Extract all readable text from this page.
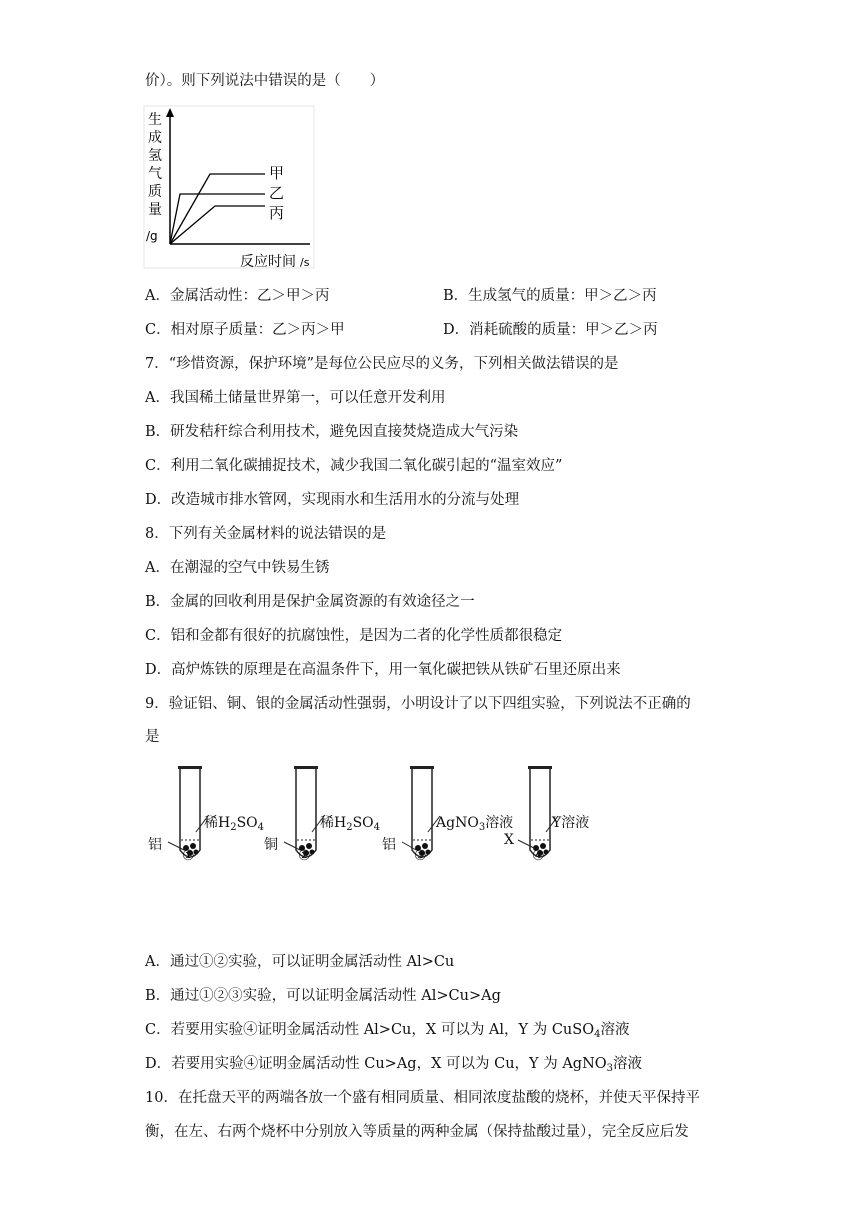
价）。则下列说法中错误的是（　　）
生
成
氢
气
质
量
/g
甲
乙
丙
反应时间 /s
A．金属活动性：乙＞甲＞丙	B．生成氢气的质量：甲＞乙＞丙
C．相对原子质量：乙＞丙＞甲	D．消耗硫酸的质量：甲＞乙＞丙
7．“珍惜资源，保护环境”是每位公民应尽的义务，下列相关做法错误的是
A．我国稀土储量世界第一，可以任意开发利用
B．研发秸秆综合利用技术，避免因直接焚烧造成大气污染
C．利用二氧化碳捕捉技术，减少我国二氧化碳引起的“温室效应”
D．改造城市排水管网，实现雨水和生活用水的分流与处理
8．下列有关金属材料的说法错误的是
A．在潮湿的空气中铁易生锈
B．金属的回收利用是保护金属资源的有效途径之一
C．铝和金都有很好的抗腐蚀性，是因为二者的化学性质都很稳定
D．高炉炼铁的原理是在高温条件下，用一氧化碳把铁从铁矿石里还原出来
9．验证铝、铜、银的金属活动性强弱，小明设计了以下四组实验，下列说法不正确的
是
铝
稀$H_2SO_4$
①
铜
稀$H_2SO_4$
②
铝
AgNO$_3$溶液
③
X
Y溶液
④
A．通过①②实验，可以证明金属活动性 Al>Cu
B．通过①②③实验，可以证明金属活动性 Al>Cu>Ag
C．若要用实验④证明金属活动性 Al>Cu，X 可以为 Al，Y 为 CuSO$_4$溶液
D．若要用实验④证明金属活动性 Cu>Ag，X 可以为 Cu，Y 为 AgNO$_3$溶液
10．在托盘天平的两端各放一个盛有相同质量、相同浓度盐酸的烧杯，并使天平保持平
衡，在左、右两个烧杯中分别放入等质量的两种金属（保持盐酸过量），完全反应后发
